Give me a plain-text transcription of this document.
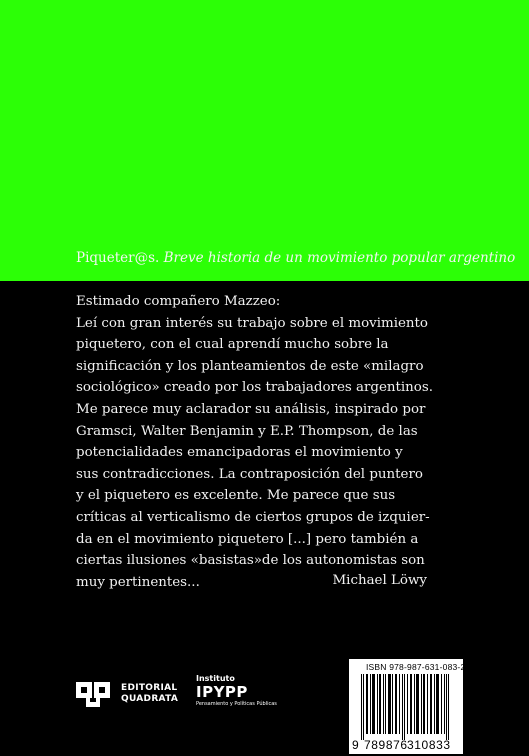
Piqueter@s. Breve historia de un movimiento popular argentino
Estimado compañero Mazzeo:
Leí con gran interés su trabajo sobre el movimiento
piquetero, con el cual aprendí mucho sobre la
significación y los planteamientos de este «milagro
sociológico» creado por los trabajadores argentinos.
Me parece muy aclarador su análisis, inspirado por
Gramsci, Walter Benjamin y E.P. Thompson, de las
potencialidades emancipadoras el movimiento y
sus contradicciones. La contraposición del puntero
y el piquetero es excelente. Me parece que sus
críticas al verticalismo de ciertos grupos de izquier-
da en el movimiento piquetero [...] pero también a
ciertas ilusiones «basistas»de los autonomistas son
muy pertinentes...	Michael Löwy
EDITORIAL
QUADRATA
Instituto
IPYPP
Pensamiento y Políticas Públicas
ISBN 978-987-631-083-2
9 789876 310833
